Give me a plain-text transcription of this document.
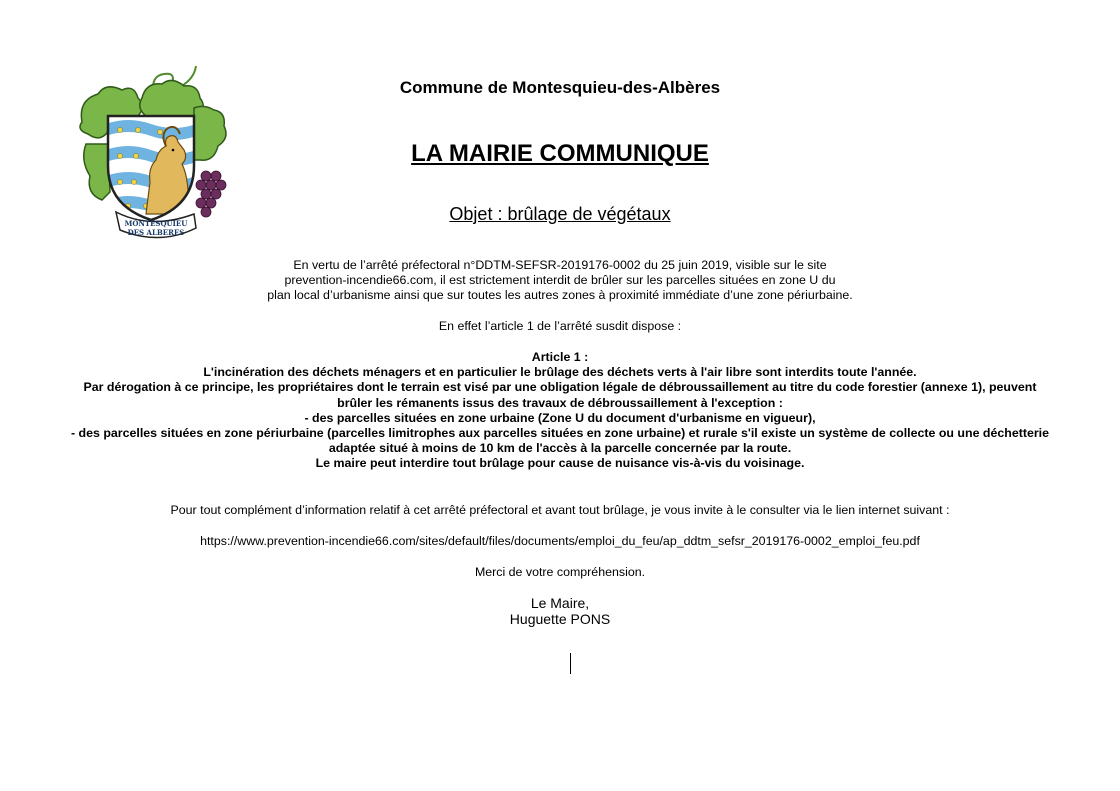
MONTESQUIEU
DES ALBERES
Commune de Montesquieu-des-Albères
LA MAIRIE COMMUNIQUE
Objet : brûlage de végétaux
En vertu de l’arrêté préfectoral n°DDTM-SEFSR-2019176-0002 du 25 juin 2019, visible sur le site
prevention-incendie66.com, il est strictement interdit de brûler sur les parcelles situées en zone U du
plan local d’urbanisme ainsi que sur toutes les autres zones à proximité immédiate d’une zone périurbaine.
En effet l’article 1 de l’arrêté susdit dispose :
Article 1 :
L'incinération des déchets ménagers et en particulier le brûlage des déchets verts à l'air libre sont interdits toute l'année.
Par dérogation à ce principe, les propriétaires dont le terrain est visé par une obligation légale de débroussaillement au titre du code forestier (annexe 1), peuvent
brûler les rémanents issus des travaux de débroussaillement à l'exception :
- des parcelles situées en zone urbaine (Zone U du document d'urbanisme en vigueur),
- des parcelles situées en zone périurbaine (parcelles limitrophes aux parcelles situées en zone urbaine) et rurale s'il existe un système de collecte ou une déchetterie
adaptée situé à moins de 10 km de l'accès à la parcelle concernée par la route.
Le maire peut interdire tout brûlage pour cause de nuisance vis-à-vis du voisinage.
Pour tout complément d’information relatif à cet arrêté préfectoral et avant tout brûlage, je vous invite à le consulter via le lien internet suivant :
https://www.prevention-incendie66.com/sites/default/files/documents/emploi_du_feu/ap_ddtm_sefsr_2019176-0002_emploi_feu.pdf
Merci de votre compréhension.
Le Maire,
Huguette PONS
